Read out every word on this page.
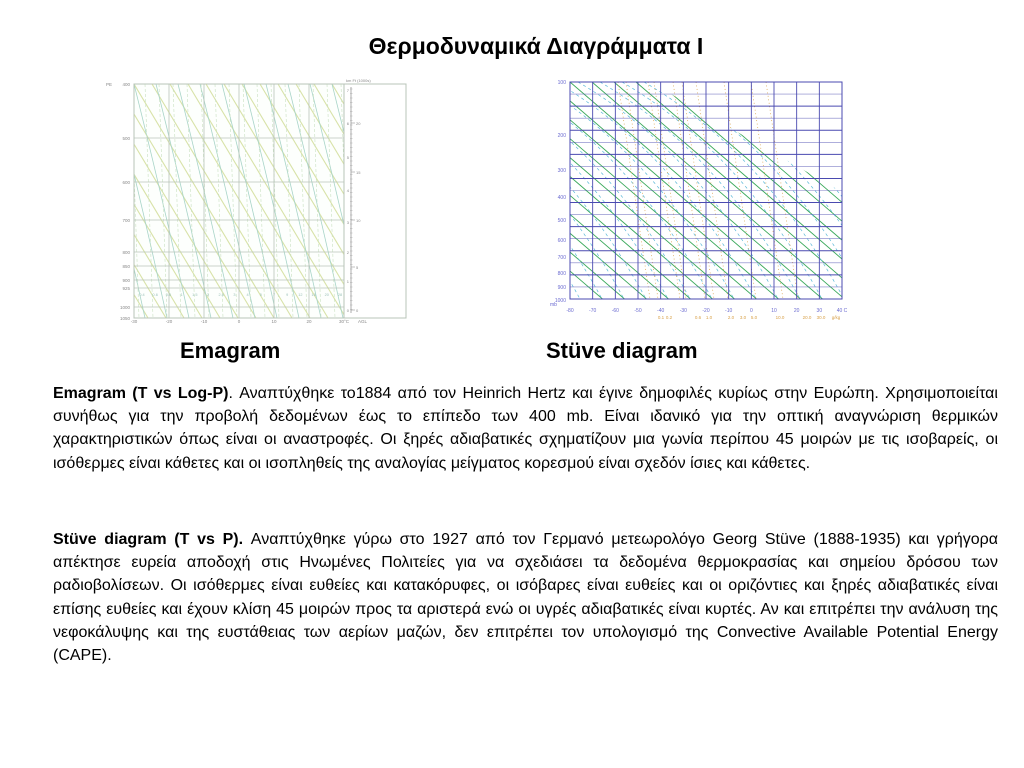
Θερμοδυναμικά Διαγράμματα Ι
400
500
600
700
800
850
900
925
1000
1050
PE
-30	-20	-10	0	10	20	30°C AGL
0.4 0.6 0.8 1 1.5 2 2.5 3	4	5	7	9	12 16 20 28
km Ft (1000s)
7
6
5
4
3
2
1
0
20
15
10
5
0
100
200
300
400
500
600
700
800
900
1000
mb
-80	-70	-60	-50	-40	-30	-20	-10	0	10	20	30	40 C
0.1 0.2	0.6 1.0	2.0 3.0 5.0	10.0	20.0 30.0 g/kg
Emagram	Stüve diagram
Emagram (T vs Log-P). Αναπτύχθηκε το1884 από τον Heinrich Hertz και έγινε δημοφιλές κυρίως στην Ευρώπη. Χρησιμοποιείται συνήθως για την προβολή δεδομένων έως το επίπεδο των 400 mb. Είναι ιδανικό για την οπτική αναγνώριση θερμικών χαρακτηριστικών όπως είναι οι αναστροφές. Οι ξηρές αδιαβατικές σχηματίζουν μια γωνία περίπου 45 μοιρών με τις ισοβαρείς, οι ισόθερμες είναι κάθετες και οι ισοπληθείς της αναλογίας μείγματος κορεσμού είναι σχεδόν ίσιες και κάθετες.
Stüve diagram (T vs P). Αναπτύχθηκε γύρω στο 1927 από τον Γερμανό μετεωρολόγο Georg Stüve (1888-1935) και γρήγορα απέκτησε ευρεία αποδοχή στις Ηνωμένες Πολιτείες για να σχεδιάσει τα δεδομένα θερμοκρασίας και σημείου δρόσου των ραδιοβολίσεων. Οι ισόθερμες είναι ευθείες και κατακόρυφες, οι ισόβαρες είναι ευθείες και οι οριζόντιες και ξηρές αδιαβατικές είναι επίσης ευθείες και έχουν κλίση 45 μοιρών προς τα αριστερά ενώ οι υγρές αδιαβατικές είναι κυρτές. Αν και επιτρέπει την ανάλυση της νεφοκάλυψης και της ευστάθειας των αερίων μαζών, δεν επιτρέπει τον υπολογισμό της Convective Available Potential Energy (CAPE).
